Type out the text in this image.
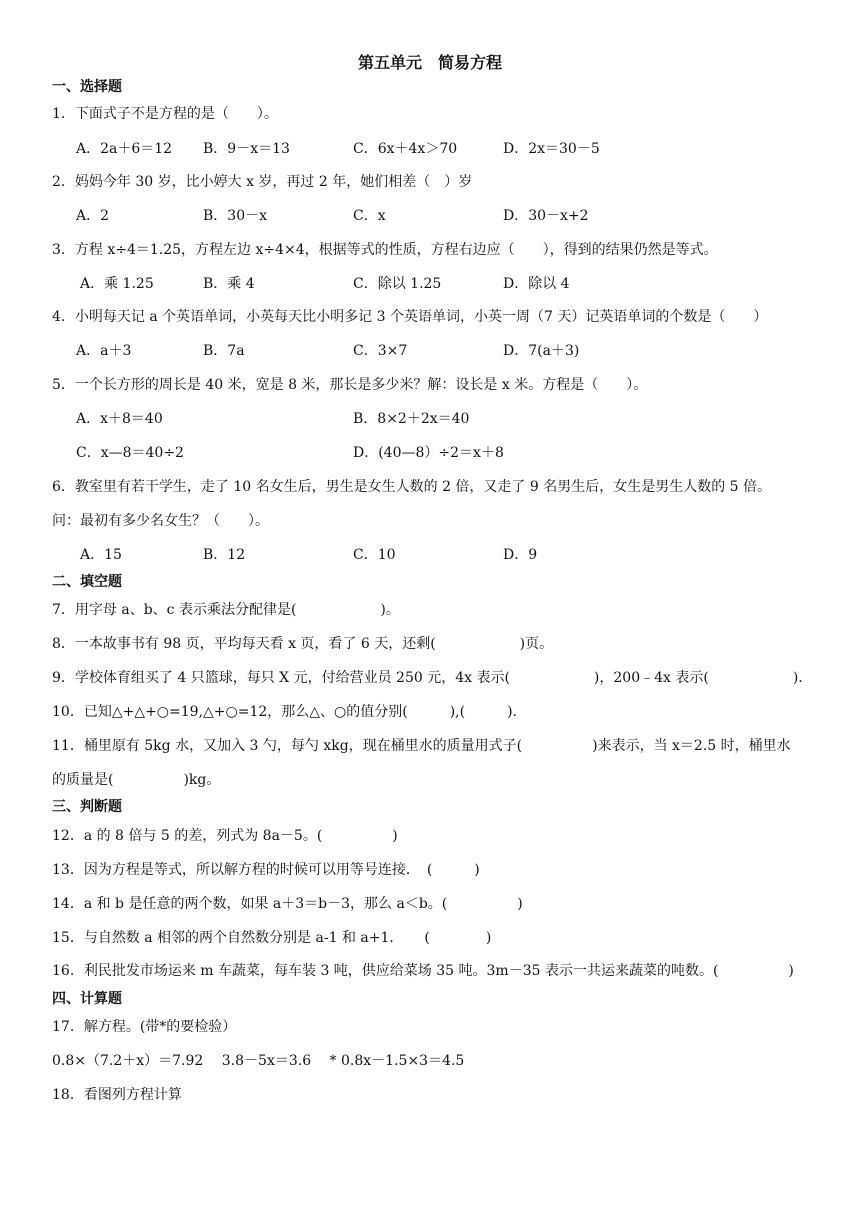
第五单元　简易方程
一、选择题
1．下面式子不是方程的是（　　）。
A．2a＋6＝12 B．9－x＝13	C．6x＋4x＞70	D．2x＝30－5
2．妈妈今年 30 岁，比小婷大 x 岁，再过 2 年，她们相差（　）岁
A．2	B．30－x	C．x	D．30－x+2
3．方程 x÷4＝1.25，方程左边 x÷4×4，根据等式的性质，方程右边应（　　），得到的结果仍然是等式。
A．乘 1.25	B．乘 4	C．除以 1.25	D．除以 4
4．小明每天记 a 个英语单词，小英每天比小明多记 3 个英语单词，小英一周（7 天）记英语单词的个数是（　　）
A．a＋3	B．7a	C．3×7	D．7(a＋3)
5．一个长方形的周长是 40 米，宽是 8 米，那长是多少米？解：设长是 x 米。方程是（　　）。
A．x＋8＝40	B．8×2＋2x＝40
C．x—8＝40÷2	D．(40—8）÷2＝x＋8
6．教室里有若干学生，走了 10 名女生后，男生是女生人数的 2 倍，又走了 9 名男生后，女生是男生人数的 5 倍。
问：最初有多少名女生？（　　）。
A．15	B．12	C．10	D．9
二、填空题
7．用字母 a、b、c 表示乘法分配律是(　　　　　　)。
8．一本故事书有 98 页，平均每天看 x 页，看了 6 天，还剩(　　　　　　)页。
9．学校体育组买了 4 只篮球，每只 X 元，付给营业员 250 元，4x 表示(　　　　　　)，200﹣4x 表示(　　　　　　).
10．已知△+△+○=19,△+○=12，那么△、○的值分别(　　　),(　　　).
11．桶里原有 5kg 水，又加入 3 勺，每勺 xkg，现在桶里水的质量用式子(　　　　　)来表示，当 x＝2.5 时，桶里水
的质量是(　　　　　)kg。
三、判断题
12．a 的 8 倍与 5 的差，列式为 8a－5。(　　　　　)
13．因为方程是等式，所以解方程的时候可以用等号连接．　(　　　)
14．a 和 b 是任意的两个数，如果 a＋3＝b－3，那么 a＜b。(　　　　　)
15．与自然数 a 相邻的两个自然数分别是 a-1 和 a+1．　　(　　　　)
16．利民批发市场运来 m 车蔬菜，每车装 3 吨，供应给菜场 35 吨。3m－35 表示一共运来蔬菜的吨数。(　　　　　)
四、计算题
17．解方程。(带*的要检验）
0.8×（7.2＋x）＝7.92　 3.8－5x＝3.6　 * 0.8x－1.5×3＝4.5
18．看图列方程计算
